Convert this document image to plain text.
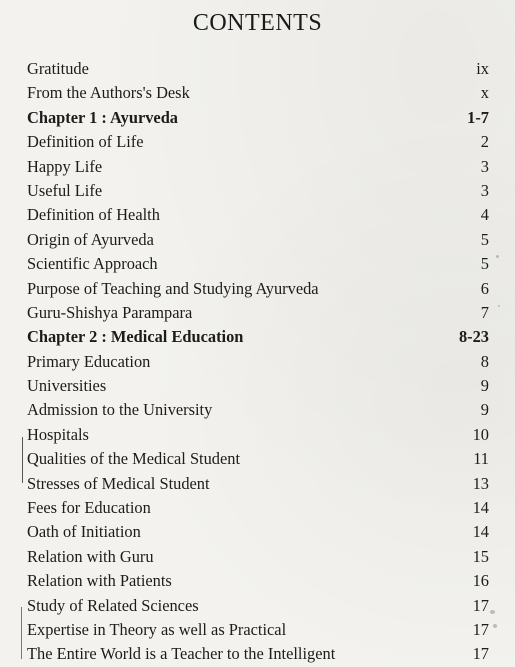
CONTENTS
Gratitude	ix
From the Authors's Desk	x
Chapter 1 : Ayurveda	1-7
Definition of Life	2
Happy Life	3
Useful Life	3
Definition of Health	4
Origin of Ayurveda	5
Scientific Approach	5
Purpose of Teaching and Studying Ayurveda	6
Guru-Shishya Parampara	7
Chapter 2 : Medical Education	8-23
Primary Education	8
Universities	9
Admission to the University	9
Hospitals	10
Qualities of the Medical Student	11
Stresses of Medical Student	13
Fees for Education	14
Oath of Initiation	14
Relation with Guru	15
Relation with Patients	16
Study of Related Sciences	17
Expertise in Theory as well as Practical	17
The Entire World is a Teacher to the Intelligent	17
